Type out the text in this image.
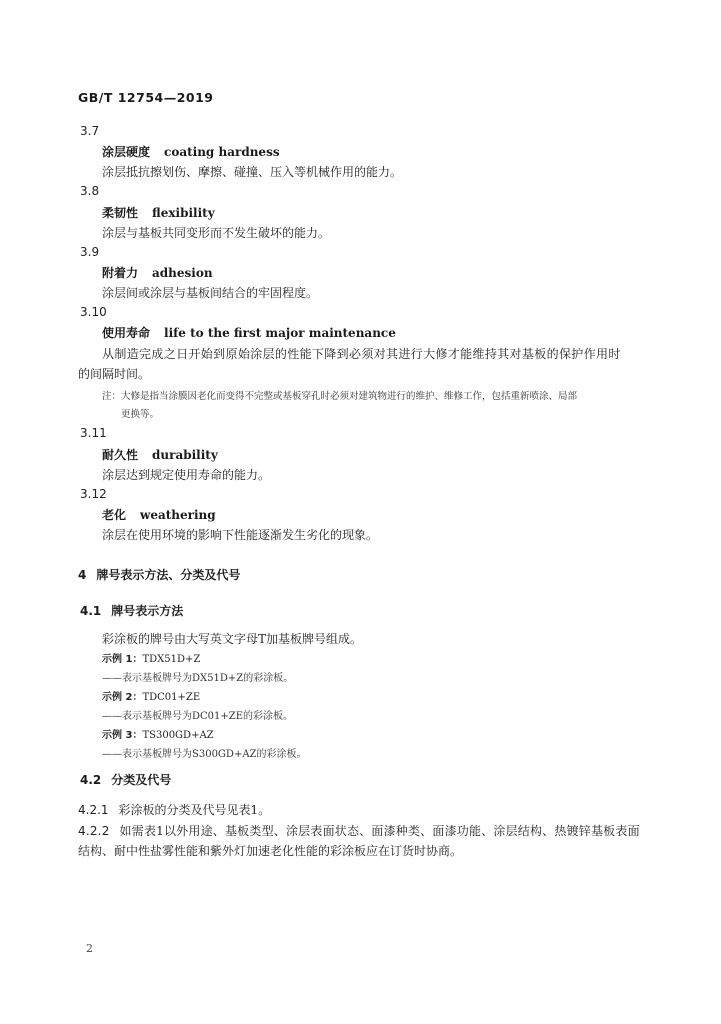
GB/T 12754—2019
3.7
涂层硬度 coating hardness
涂层抵抗擦划伤、摩擦、碰撞、压入等机械作用的能力。
3.8
柔韧性 flexibility
涂层与基板共同变形而不发生破坏的能力。
3.9
附着力 adhesion
涂层间或涂层与基板间结合的牢固程度。
3.10
使用寿命 life to the first major maintenance
从制造完成之日开始到原始涂层的性能下降到必须对其进行大修才能维持其对基板的保护作用时
的间隔时间。
注：大修是指当涂膜因老化而变得不完整或基板穿孔时必须对建筑物进行的维护、维修工作，包括重新喷涂、局部
更换等。
3.11
耐久性 durability
涂层达到规定使用寿命的能力。
3.12
老化 weathering
涂层在使用环境的影响下性能逐渐发生劣化的现象。
4 牌号表示方法、分类及代号
4.1 牌号表示方法
彩涂板的牌号由大写英文字母T加基板牌号组成。
示例 1：TDX51D+Z
——表示基板牌号为DX51D+Z的彩涂板。
示例 2：TDC01+ZE
——表示基板牌号为DC01+ZE的彩涂板。
示例 3：TS300GD+AZ
——表示基板牌号为S300GD+AZ的彩涂板。
4.2 分类及代号
4.2.1 彩涂板的分类及代号见表1。
4.2.2 如需表1以外用途、基板类型、涂层表面状态、面漆种类、面漆功能、涂层结构、热镀锌基板表面
结构、耐中性盐雾性能和紫外灯加速老化性能的彩涂板应在订货时协商。
2
